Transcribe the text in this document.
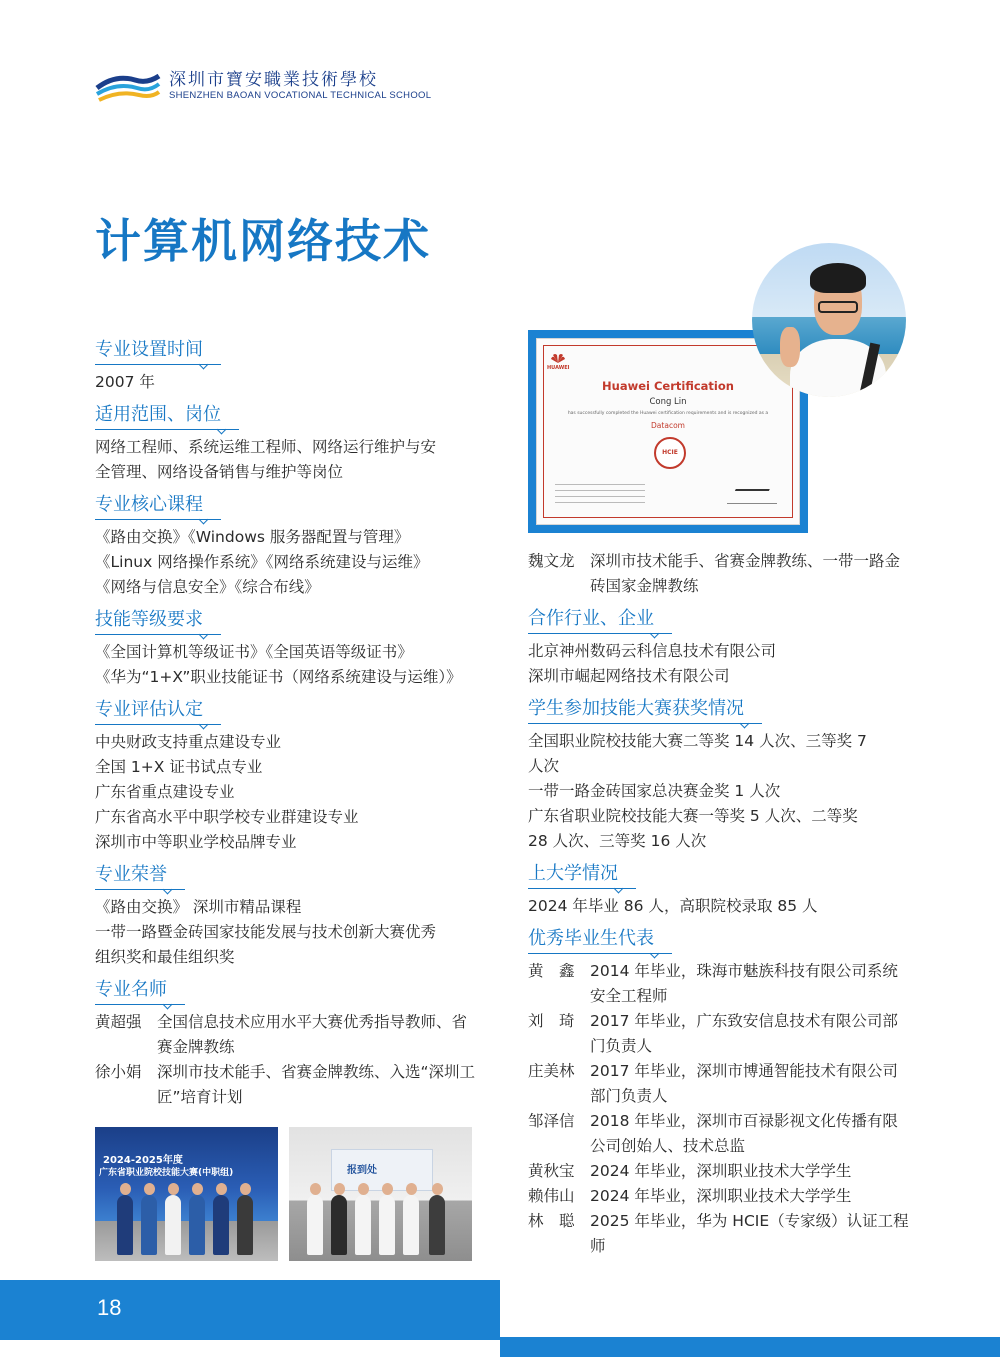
深圳市寶安職業技術學校
SHENZHEN BAOAN VOCATIONAL TECHNICAL SCHOOL
计算机网络技术
专业设置时间
2007 年
适用范围、岗位
网络工程师、系统运维工程师、网络运行维护与安
全管理、网络设备销售与维护等岗位
专业核心课程
《路由交换》《Windows 服务器配置与管理》
《Linux 网络操作系统》《网络系统建设与运维》
《网络与信息安全》《综合布线》
技能等级要求
《全国计算机等级证书》《全国英语等级证书》
《华为“1+X”职业技能证书（网络系统建设与运维）》
专业评估认定
中央财政支持重点建设专业
全国 1+X 证书试点专业
广东省重点建设专业
广东省高水平中职学校专业群建设专业
深圳市中等职业学校品牌专业
专业荣誉
《路由交换》 深圳市精品课程
一带一路暨金砖国家技能发展与技术创新大赛优秀
组织奖和最佳组织奖
专业名师
黄超强 全国信息技术应用水平大赛优秀指导教师、省赛金牌教练
徐小娟 深圳市技术能手、省赛金牌教练、入选“深圳工匠”培育计划
HUAWEI
Huawei Certification
Cong Lin
has successfully completed the Huawei certification requirements and is recognized as a
Datacom
HCIE
魏文龙 深圳市技术能手、省赛金牌教练、一带一路金砖国家金牌教练
合作行业、企业
北京神州数码云科信息技术有限公司
深圳市崛起网络技术有限公司
学生参加技能大赛获奖情况
全国职业院校技能大赛二等奖 14 人次、三等奖 7
人次
一带一路金砖国家总决赛金奖 1 人次
广东省职业院校技能大赛一等奖 5 人次、二等奖
28 人次、三等奖 16 人次
上大学情况
2024 年毕业 86 人，高职院校录取 85 人
优秀毕业生代表
黄　鑫 2014 年毕业，珠海市魅族科技有限公司系统安全工程师
刘　琦 2017 年毕业，广东致安信息技术有限公司部门负责人
庄美林 2017 年毕业，深圳市博通智能技术有限公司部门负责人
邹泽信 2018 年毕业，深圳市百禄影视文化传播有限公司创始人、技术总监
黄秋宝 2024 年毕业，深圳职业技术大学学生
赖伟山 2024 年毕业，深圳职业技术大学学生
林　聪 2025 年毕业，华为 HCIE（专家级）认证工程师
2024-2025年度
广东省职业院校技能大赛(中职组)	报到处
18
